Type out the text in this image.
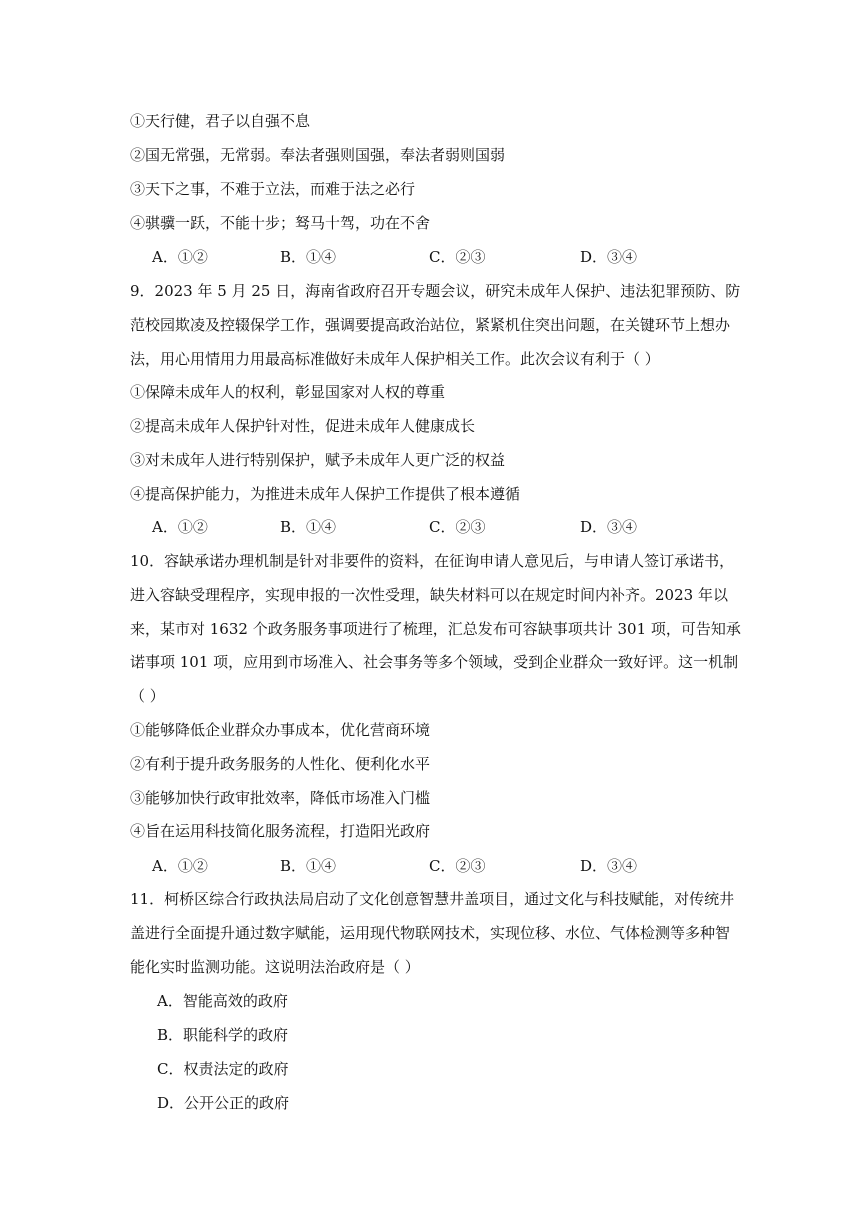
①天行健，君子以自强不息
②国无常强，无常弱。奉法者强则国强，奉法者弱则国弱
③天下之事，不难于立法，而难于法之必行
④骐骥一跃，不能十步；驽马十驾，功在不舍
A．①②	B．①④	C．②③	D．③④
9．2023 年 5 月 25 日，海南省政府召开专题会议，研究未成年人保护、违法犯罪预防、防
范校园欺凌及控辍保学工作，强调要提高政治站位，紧紧机住突出问题，在关键环节上想办
法，用心用情用力用最高标准做好未成年人保护相关工作。此次会议有利于（ ）
①保障未成年人的权利，彰显国家对人权的尊重
②提高未成年人保护针对性，促进未成年人健康成长
③对未成年人进行特别保护，赋予未成年人更广泛的权益
④提高保护能力，为推进未成年人保护工作提供了根本遵循
A．①②	B．①④	C．②③	D．③④
10．容缺承诺办理机制是针对非要件的资料，在征询申请人意见后，与申请人签订承诺书，
进入容缺受理程序，实现申报的一次性受理，缺失材料可以在规定时间内补齐。2023 年以
来，某市对 1632 个政务服务事项进行了梳理，汇总发布可容缺事项共计 301 项，可告知承
诺事项 101 项，应用到市场准入、社会事务等多个领域，受到企业群众一致好评。这一机制
（ ）
①能够降低企业群众办事成本，优化营商环境
②有利于提升政务服务的人性化、便利化水平
③能够加快行政审批效率，降低市场准入门槛
④旨在运用科技简化服务流程，打造阳光政府
A．①②	B．①④	C．②③	D．③④
11．柯桥区综合行政执法局启动了文化创意智慧井盖项目，通过文化与科技赋能，对传统井
盖进行全面提升通过数字赋能，运用现代物联网技术，实现位移、水位、气体检测等多种智
能化实时监测功能。这说明法治政府是（ ）
A．智能高效的政府
B．职能科学的政府
C．权责法定的政府
D．公开公正的政府
